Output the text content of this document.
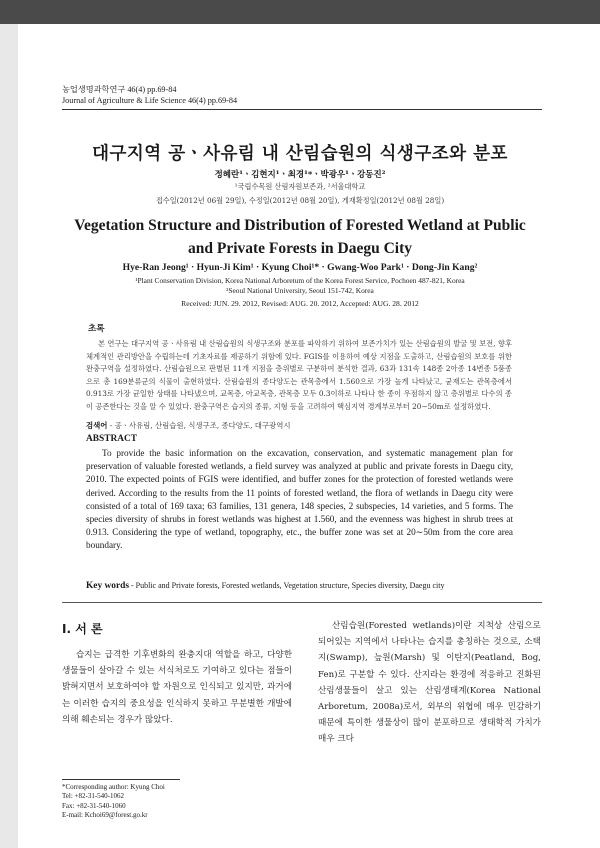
농업생명과학연구 46(4) pp.69-84
Journal of Agriculture & Life Science 46(4) pp.69-84
대구지역 공ㆍ사유림 내 산림습원의 식생구조와 분포
정혜란¹ㆍ김현지¹ㆍ최경¹*ㆍ박광우¹ㆍ강동진²
¹국립수목원 산림자원보존과, ²서울대학교
접수일(2012년 06월 29일), 수정일(2012년 08월 20일), 게재확정일(2012년 08월 28일)
Vegetation Structure and Distribution of Forested Wetland at Public and Private Forests in Daegu City
Hye-Ran Jeong¹ · Hyun-Ji Kim¹ · Kyung Choi¹* · Gwang-Woo Park¹ · Dong-Jin Kang²
¹Plant Conservation Division, Korea National Arboretum of the Korea Forest Service, Pochoen 487-821, Korea
²Seoul National University, Seoul 151-742, Korea
Received: JUN. 29. 2012, Revised: AUG. 20. 2012, Accepted: AUG. 28. 2012
초록
본 연구는 대구지역 공ㆍ사유림 내 산림습원의 식생구조와 분포를 파악하기 위하여 보존가치가 있는 산림습원의 발굴 및 보전, 향후 체계적인 관리방안을 수립하는데 기초자료를 제공하기 위함에 있다. FGIS를 이용하여 예상 지점을 도출하고, 산림습원의 보호를 위한 완충구역을 설정하였다. 산림습원으로 판별된 11개 지점을 층위별로 구분하여 분석한 결과, 63과 131속 148종 2아종 14변종 5품종으로 총 169분류군의 식물이 출현하였다. 산림습원의 종다양도는 관목층에서 1.560으로 가장 높게 나타났고, 균재도는 관목층에서 0.913로 가장 균일한 상태를 나타냈으며, 교목층, 아교목층, 관목층 모두 0.3이하로 나타나 한 종이 우점하지 않고 층위별로 다수의 종이 공존한다는 것을 알 수 있었다. 완충구역은 습지의 종류, 지형 등을 고려하여 핵심지역 경계부로부터 20∼50m로 설정하였다.
검색어 - 공ㆍ사유림, 산림습원, 식생구조, 종다양도, 대구광역시
ABSTRACT
To provide the basic information on the excavation, conservation, and systematic management plan for preservation of valuable forested wetlands, a field survey was analyzed at public and private forests in Daegu city, 2010. The expected points of FGIS were identified, and buffer zones for the protection of forested wetlands were derived. According to the results from the 11 points of forested wetland, the flora of wetlands in Daegu city were consisted of a total of 169 taxa; 63 families, 131 genera, 148 species, 2 subspecies, 14 varieties, and 5 forms. The species diversity of shrubs in forest wetlands was highest at 1.560, and the evenness was highest in shrub trees at 0.913. Considering the type of wetland, topography, etc., the buffer zone was set at 20∼50m from the core area boundary.
Key words - Public and Private forests, Forested wetlands, Vegetation structure, Species diversity, Daegu city
I. 서 론
습지는 급격한 기후변화의 완충지대 역할을 하고, 다양한 생물들이 살아갈 수 있는 서식처로도 기여하고 있다는 점들이 밝혀지면서 보호하여야 할 자원으로 인식되고 있지만, 과거에는 이러한 습지의 중요성을 인식하지 못하고 무분별한 개발에 의해 훼손되는 경우가 많았다.
산림습원(Forested wetlands)이란 지척상 산림으로 되어있는 지역에서 나타나는 습지를 총칭하는 것으로, 소택지(Swamp), 늪원(Marsh) 및 이탄지(Peatland, Bog, Fen)로 구분할 수 있다. 산지라는 환경에 적응하고 진화된 산림생물들이 살고 있는 산림생태계(Korea National Arboretum, 2008a)로서, 외부의 위협에 매우 민감하기 때문에 특이한 생물상이 많이 분포하므로 생태학적 가치가 매우 크다
*Corresponding author: Kyung Choi
Tel: +82-31-540-1062
Fax: +82-31-540-1060
E-mail: Kchoi69@forest.go.kr
